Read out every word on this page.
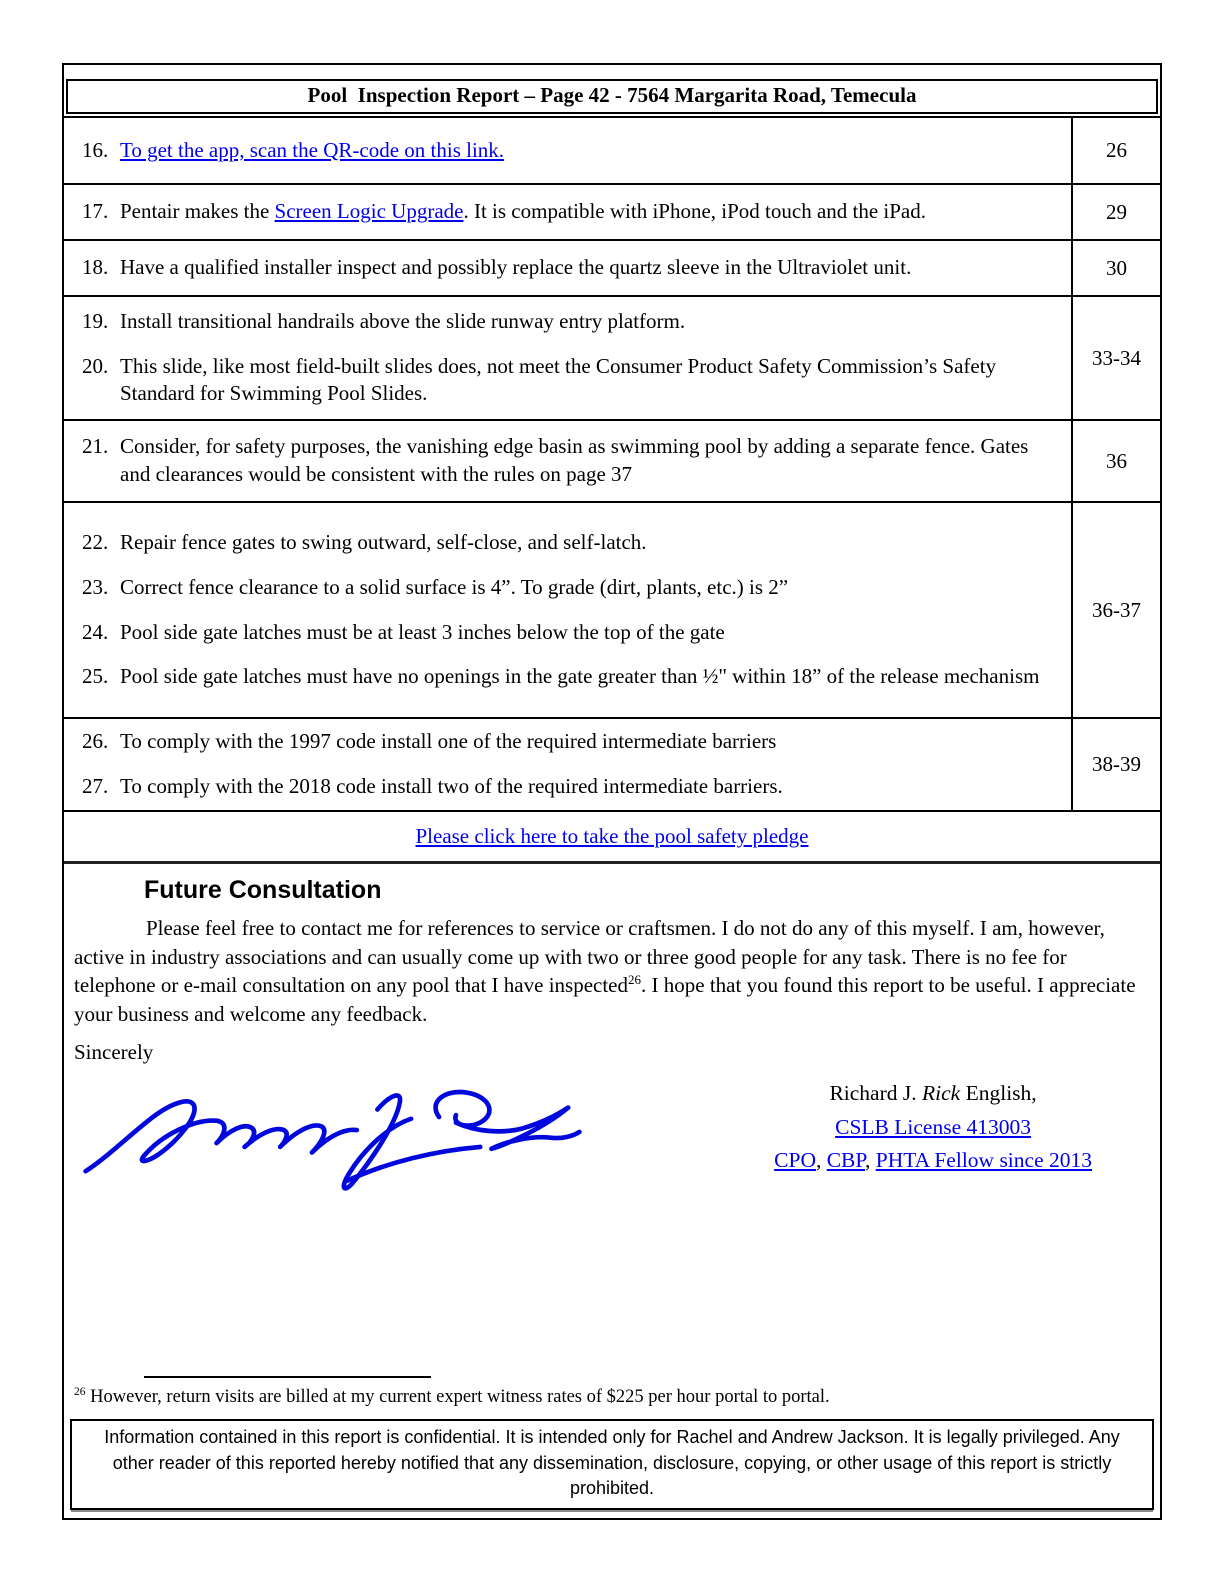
Pool  Inspection Report – Page 42 - 7564 Margarita Road, Temecula
16. To get the app, scan the QR-code on this link.	26

17. Pentair makes the Screen Logic Upgrade. It is compatible with iPhone, iPod touch and the iPad.	29

18. Have a qualified installer inspect and possibly replace the quartz sleeve in the Ultraviolet unit.	30

19. Install transitional handrails above the slide runway entry platform.
20. This slide, like most field-built slides does, not meet the Consumer Product Safety Commission’s Safety Standard for Swimming Pool Slides.	33-34

21. Consider, for safety purposes, the vanishing edge basin as swimming pool by adding a separate fence. Gates and clearances would be consistent with the rules on page 37	36

22. Repair fence gates to swing outward, self-close, and self-latch.
23. Correct fence clearance to a solid surface is 4”. To grade (dirt, plants, etc.) is 2”
24. Pool side gate latches must be at least 3 inches below the top of the gate
25. Pool side gate latches must have no openings in the gate greater than ½" within 18” of the release mechanism	36-37

26. To comply with the 1997 code install one of the required intermediate barriers
27. To comply with the 2018 code install two of the required intermediate barriers.	38-39
Please click here to take the pool safety pledge
Future Consultation

Please feel free to contact me for references to service or craftsmen. I do not do any of this myself. I am, however, active in industry associations and can usually come up with two or three good people for any task. There is no fee for telephone or e-mail consultation on any pool that I have inspected$^{26}$. I hope that you found this report to be useful. I appreciate your business and welcome any feedback.

Sincerely
Richard J. Rick English,
CSLB License 413003
CPO, CBP, PHTA Fellow since 2013
$^{26}$ However, return visits are billed at my current expert witness rates of $225 per hour portal to portal.
Information contained in this report is confidential. It is intended only for Rachel and Andrew Jackson. It is legally privileged. Any other reader of this reported hereby notified that any dissemination, disclosure, copying, or other usage of this report is strictly prohibited.
